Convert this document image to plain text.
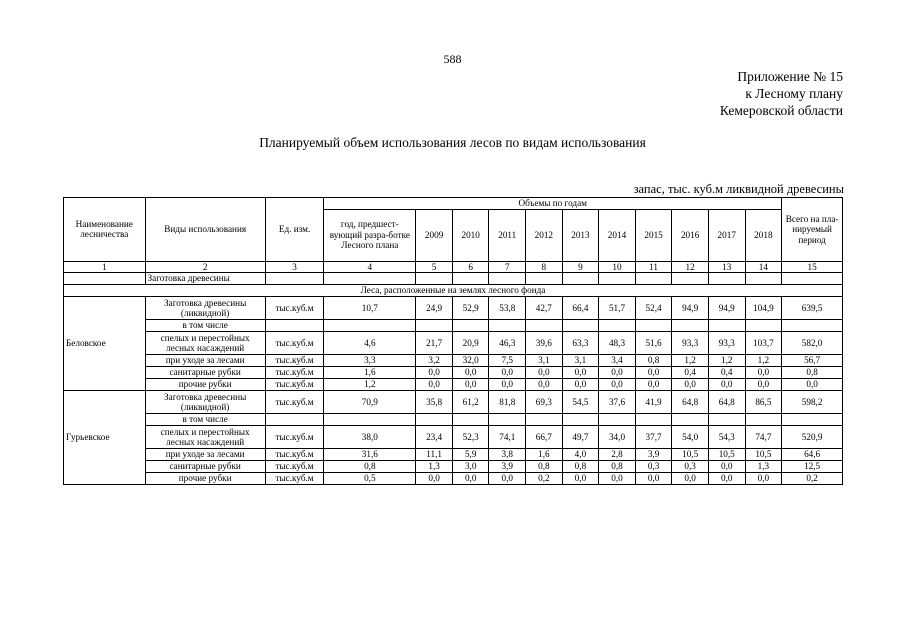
588
Приложение № 15
к Лесному плану
Кемеровской области
Планируемый объем использования лесов по видам использования
запас, тыс. куб.м ликвидной древесины
Наименование лесничества	Виды использования	Ед. изм.	Объемы по годам											Всего на пла-нируемый период
			год, предшест-вующий разра-ботке Лесного плана	2009	2010	2011	2012	2013	2014	2015	2016	2017	2018	
1	2	3	4	5	6	7	8	9	10	11	12	13	14	15
	Заготовка древесины													
Леса, расположенные на землях лесного фонда														
Беловское	Заготовка древесины (ликвидной)	тыс.куб.м	10,7	24,9	52,9	53,8	42,7	66,4	51,7	52,4	94,9	94,9	104,9	639,5
	в том числе													
	спелых и перестойных лесных насаждений	тыс.куб.м	4,6	21,7	20,9	46,3	39,6	63,3	48,3	51,6	93,3	93,3	103,7	582,0
	при уходе за лесами	тыс.куб.м	3,3	3,2	32,0	7,5	3,1	3,1	3,4	0,8	1,2	1,2	1,2	56,7
	санитарные рубки	тыс.куб.м	1,6	0,0	0,0	0,0	0,0	0,0	0,0	0,0	0,4	0,4	0,0	0,8
	прочие рубки	тыс.куб.м	1,2	0,0	0,0	0,0	0,0	0,0	0,0	0,0	0,0	0,0	0,0	0,0
Гурьевское	Заготовка древесины (ликвидной)	тыс.куб.м	70,9	35,8	61,2	81,8	69,3	54,5	37,6	41,9	64,8	64,8	86,5	598,2
	в том числе													
	спелых и перестойных лесных насаждений	тыс.куб.м	38,0	23,4	52,3	74,1	66,7	49,7	34,0	37,7	54,0	54,3	74,7	520,9
	при уходе за лесами	тыс.куб.м	31,6	11,1	5,9	3,8	1,6	4,0	2,8	3,9	10,5	10,5	10,5	64,6
	санитарные рубки	тыс.куб.м	0,8	1,3	3,0	3,9	0,8	0,8	0,8	0,3	0,3	0,0	1,3	12,5
	прочие рубки	тыс.куб.м	0,5	0,0	0,0	0,0	0,2	0,0	0,0	0,0	0,0	0,0	0,0	0,2
